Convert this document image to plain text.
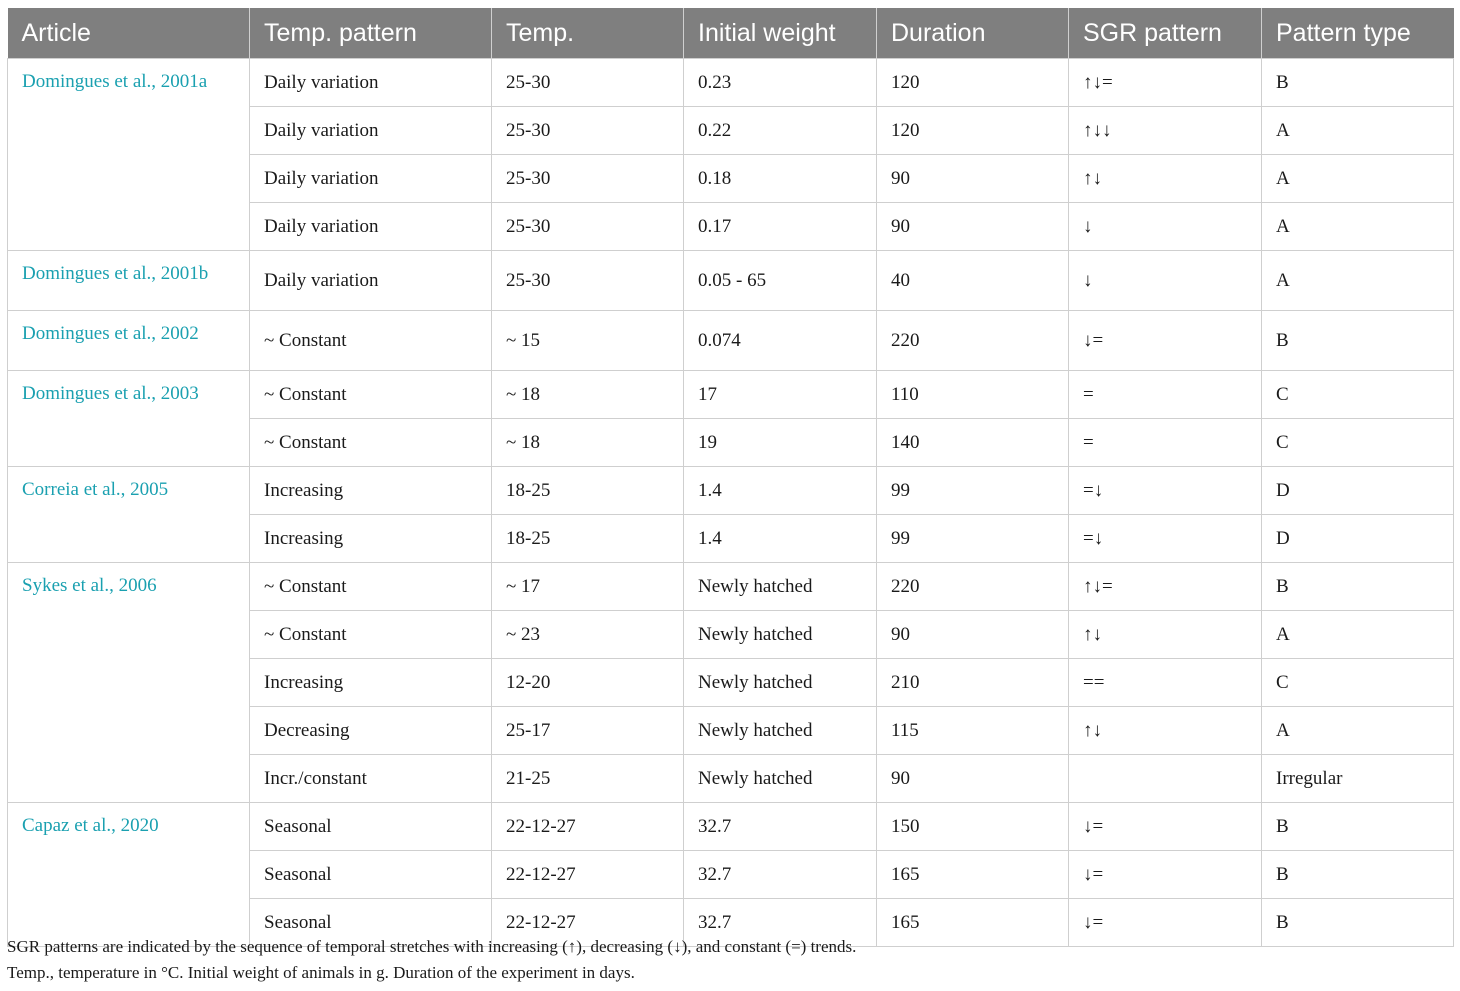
Article	Temp. pattern	Temp.	Initial weight	Duration	SGR pattern	Pattern type
Domingues et al., 2001a	Daily variation	25-30	0.23	120	↑↓=	B
	Daily variation	25-30	0.22	120	↑↓↓	A
	Daily variation	25-30	0.18	90	↑↓	A
	Daily variation	25-30	0.17	90	↓	A
Domingues et al., 2001b	Daily variation	25-30	0.05 - 65	40	↓	A
Domingues et al., 2002	~ Constant	~ 15	0.074	220	↓=	B
Domingues et al., 2003	~ Constant	~ 18	17	110	=	C
	~ Constant	~ 18	19	140	=	C
Correia et al., 2005	Increasing	18-25	1.4	99	=↓	D
	Increasing	18-25	1.4	99	=↓	D
Sykes et al., 2006	~ Constant	~ 17	Newly hatched	220	↑↓=	B
	~ Constant	~ 23	Newly hatched	90	↑↓	A
	Increasing	12-20	Newly hatched	210	==	C
	Decreasing	25-17	Newly hatched	115	↑↓	A
	Incr./constant	21-25	Newly hatched	90		Irregular
Capaz et al., 2020	Seasonal	22-12-27	32.7	150	↓=	B
	Seasonal	22-12-27	32.7	165	↓=	B
	Seasonal	22-12-27	32.7	165	↓=	B
SGR patterns are indicated by the sequence of temporal stretches with increasing (↑), decreasing (↓), and constant (=) trends.
Temp., temperature in °C. Initial weight of animals in g. Duration of the experiment in days.
